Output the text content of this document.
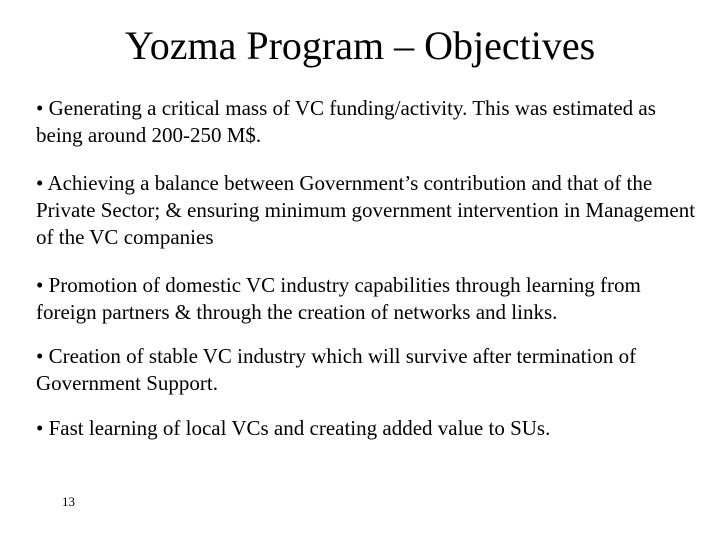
Yozma Program – Objectives

• Generating a critical mass of VC funding/activity. This was estimated as being around 200-250 M$.

• Achieving a balance between Government’s contribution and that of the Private Sector; & ensuring minimum government intervention in Management of the VC companies

• Promotion of domestic VC industry capabilities through learning from foreign partners & through the creation of networks and links.

• Creation of stable VC industry which will survive after termination of Government Support.

• Fast learning of local VCs and creating added value to SUs.

13
